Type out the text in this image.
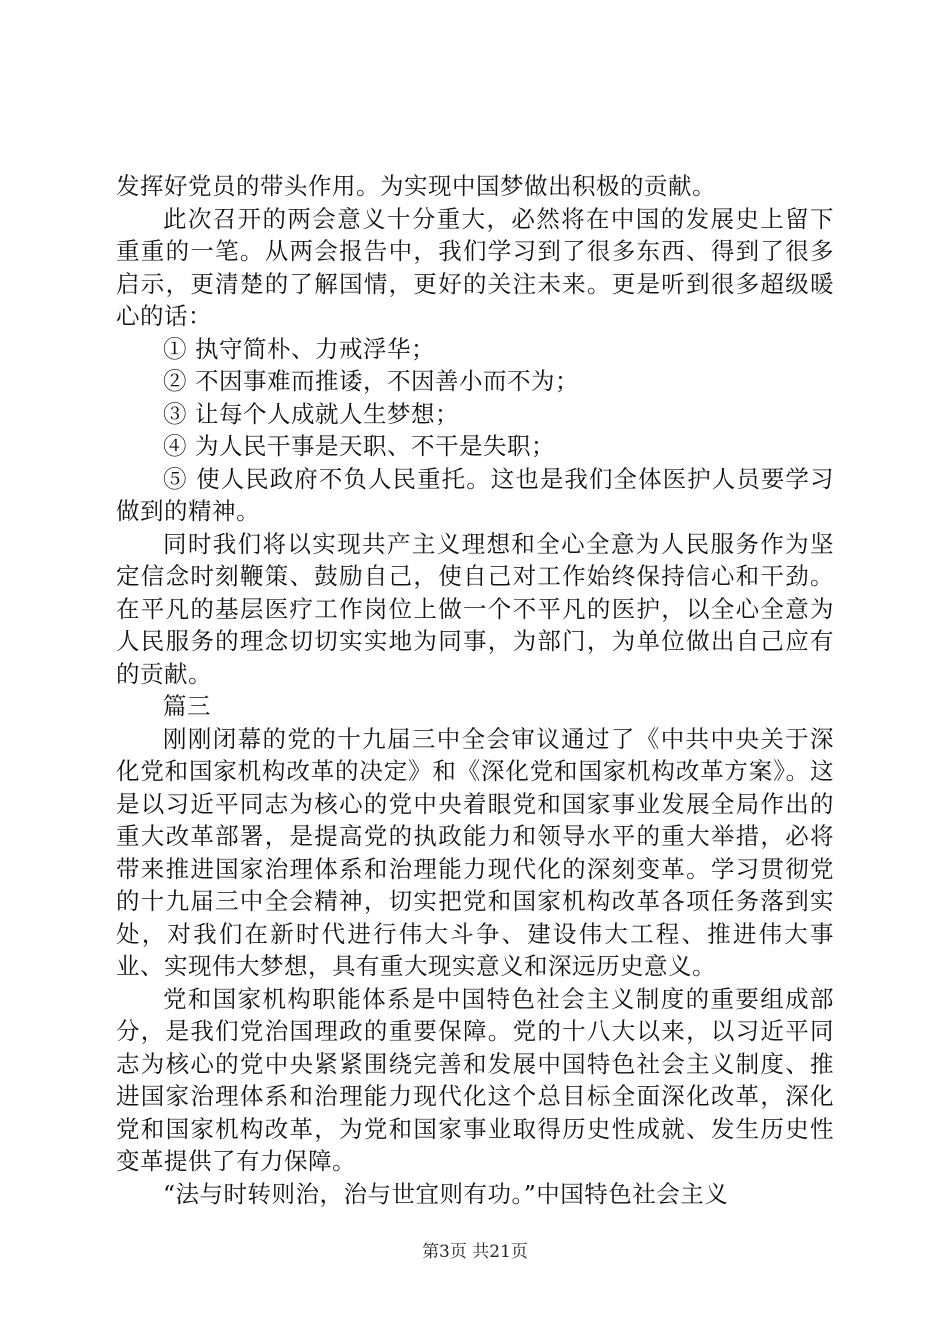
发挥好党员的带头作用。为实现中国梦做出积极的贡献。

此次召开的两会意义十分重大，必然将在中国的发展史上留下重重的一笔。从两会报告中，我们学习到了很多东西、得到了很多启示，更清楚的了解国情，更好的关注未来。更是听到很多超级暖心的话：

① 执守简朴、力戒浮华；

② 不因事难而推诿，不因善小而不为；

③ 让每个人成就人生梦想；

④ 为人民干事是天职、不干是失职；

⑤ 使人民政府不负人民重托。这也是我们全体医护人员要学习做到的精神。

同时我们将以实现共产主义理想和全心全意为人民服务作为坚定信念时刻鞭策、鼓励自己，使自己对工作始终保持信心和干劲。在平凡的基层医疗工作岗位上做一个不平凡的医护，以全心全意为人民服务的理念切切实实地为同事，为部门，为单位做出自己应有的贡献。

篇三

刚刚闭幕的党的十九届三中全会审议通过了《中共中央关于深化党和国家机构改革的决定》和《深化党和国家机构改革方案》。这是以习近平同志为核心的党中央着眼党和国家事业发展全局作出的重大改革部署，是提高党的执政能力和领导水平的重大举措，必将带来推进国家治理体系和治理能力现代化的深刻变革。学习贯彻党的十九届三中全会精神，切实把党和国家机构改革各项任务落到实处，对我们在新时代进行伟大斗争、建设伟大工程、推进伟大事业、实现伟大梦想，具有重大现实意义和深远历史意义。

党和国家机构职能体系是中国特色社会主义制度的重要组成部分，是我们党治国理政的重要保障。党的十八大以来，以习近平同志为核心的党中央紧紧围绕完善和发展中国特色社会主义制度、推进国家治理体系和治理能力现代化这个总目标全面深化改革，深化党和国家机构改革，为党和国家事业取得历史性成就、发生历史性变革提供了有力保障。

“法与时转则治，治与世宜则有功。”中国特色社会主义

第3页 共21页
